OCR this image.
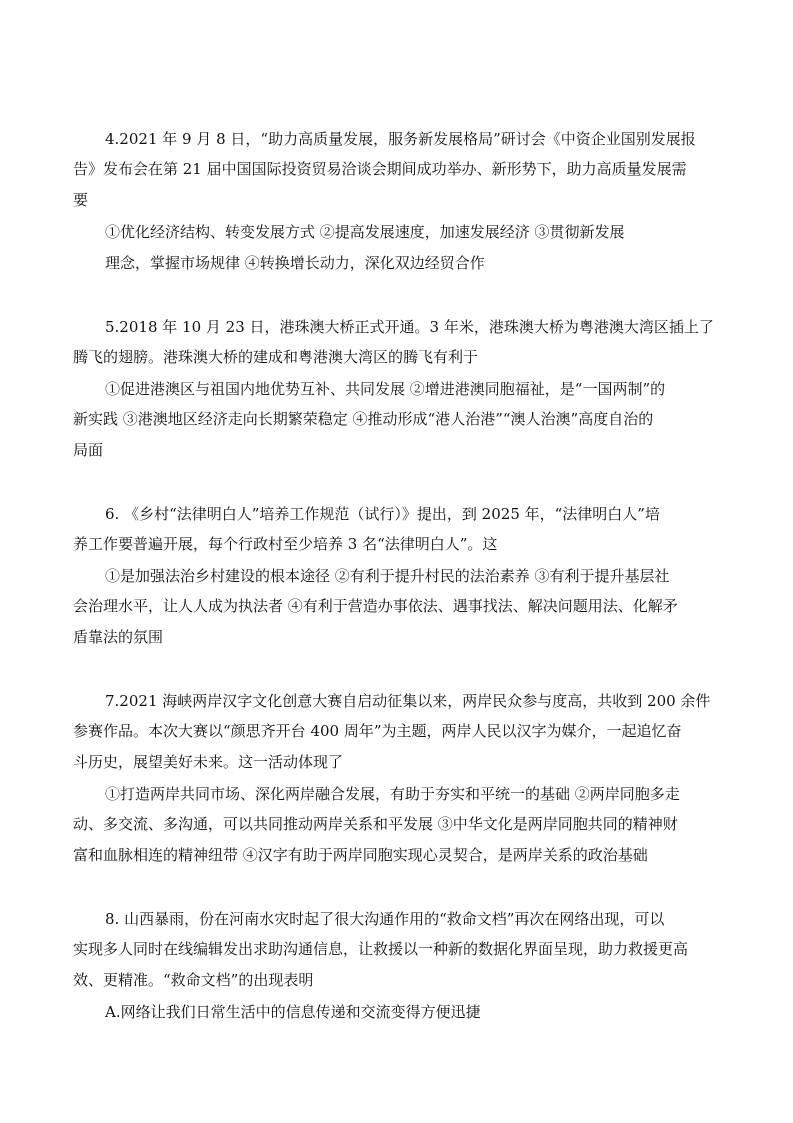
4.2021 年 9 月 8 日，“助力高质量发展，服务新发展格局”研讨会《中资企业国别发展报
告》发布会在第 21 届中国国际投资贸易洽谈会期间成功举办、新形势下，助力高质量发展需
要
①优化经济结构、转变发展方式 ②提高发展速度，加速发展经济 ③贯彻新发展
理念，掌握市场规律 ④转换增长动力，深化双边经贸合作
5.2018 年 10 月 23 日，港珠澳大桥正式开通。3 年米，港珠澳大桥为粤港澳大湾区插上了
腾飞的翅膀。港珠澳大桥的建成和粤港澳大湾区的腾飞有利于
①促进港澳区与祖国内地优势互补、共同发展 ②增进港澳同胞福祉，是“一国两制”的
新实践 ③港澳地区经济走向长期繁荣稳定 ④推动形成“港人治港”“澳人治澳”高度自治的
局面
6. 《乡村“法律明白人”培养工作规范（试行）》提出，到 2025 年，“法律明白人”培
养工作要普遍开展，每个行政村至少培养 3 名“法律明白人”。这
①是加强法治乡村建设的根本途径 ②有利于提升村民的法治素养 ③有利于提升基层社
会治理水平，让人人成为执法者 ④有利于营造办事依法、遇事找法、解决问题用法、化解矛
盾靠法的氛围
7.2021 海峡两岸汉字文化创意大赛自启动征集以来，两岸民众参与度高，共收到 200 余件
参赛作品。本次大赛以“颜思齐开台 400 周年”为主题，两岸人民以汉字为媒介，一起追忆奋
斗历史，展望美好未来。这一活动体现了
①打造两岸共同市场、深化两岸融合发展，有助于夯实和平统一的基础 ②两岸同胞多走
动、多交流、多沟通，可以共同推动两岸关系和平发展 ③中华文化是两岸同胞共同的精神财
富和血脉相连的精神纽带 ④汉字有助于两岸同胞实现心灵契合，是两岸关系的政治基础
8. 山西暴雨，份在河南水灾时起了很大沟通作用的“救命文档”再次在网络出现，可以
实现多人同时在线编辑发出求助沟通信息，让救援以一种新的数据化界面呈现，助力救援更高
效、更精准。“救命文档”的出现表明
A.网络让我们日常生活中的信息传递和交流变得方便迅捷
